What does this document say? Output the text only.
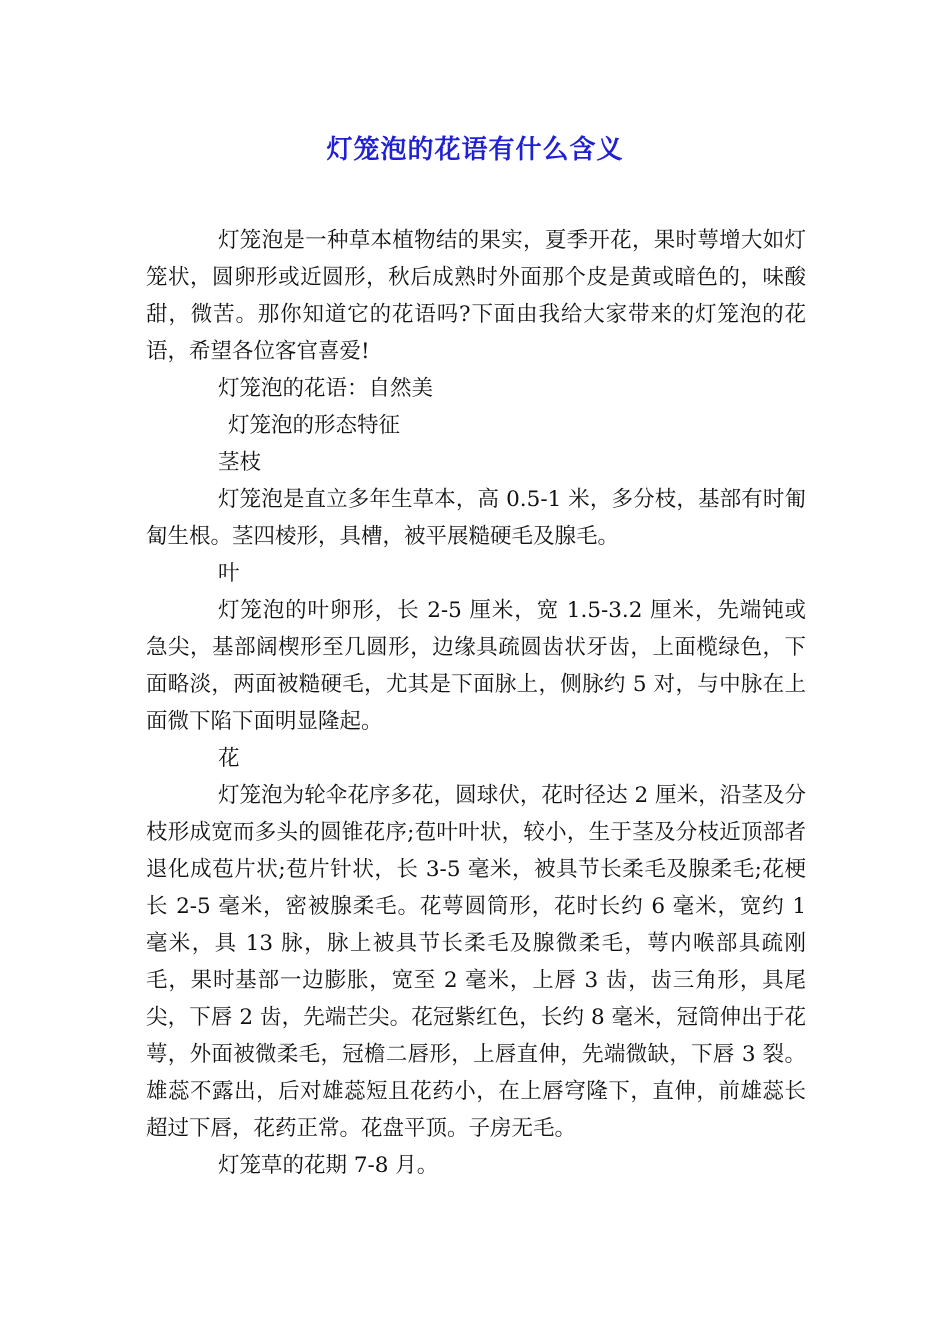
灯笼泡的花语有什么含义

灯笼泡是一种草本植物结的果实，夏季开花，果时萼增大如灯笼状，圆卵形或近圆形，秋后成熟时外面那个皮是黄或暗色的，味酸甜，微苦。那你知道它的花语吗?下面由我给大家带来的灯笼泡的花语，希望各位客官喜爱!

灯笼泡的花语：自然美

灯笼泡的形态特征

茎枝

灯笼泡是直立多年生草本，高 0.5-1 米，多分枝，基部有时匍匐生根。茎四棱形，具槽，被平展糙硬毛及腺毛。

叶

灯笼泡的叶卵形，长 2-5 厘米，宽 1.5-3.2 厘米，先端钝或急尖，基部阔楔形至几圆形，边缘具疏圆齿状牙齿，上面榄绿色，下面略淡，两面被糙硬毛，尤其是下面脉上，侧脉约 5 对，与中脉在上面微下陷下面明显隆起。

花

灯笼泡为轮伞花序多花，圆球伏，花时径达 2 厘米，沿茎及分枝形成宽而多头的圆锥花序;苞叶叶状，较小，生于茎及分枝近顶部者退化成苞片状;苞片针状，长 3-5 毫米，被具节长柔毛及腺柔毛;花梗长 2-5 毫米，密被腺柔毛。花萼圆筒形，花时长约 6 毫米，宽约 1 毫米，具 13 脉，脉上被具节长柔毛及腺微柔毛，萼内喉部具疏刚毛，果时基部一边膨胀，宽至 2 毫米，上唇 3 齿，齿三角形，具尾尖，下唇 2 齿，先端芒尖。花冠紫红色，长约 8 毫米，冠筒伸出于花萼，外面被微柔毛，冠檐二唇形，上唇直伸，先端微缺，下唇 3 裂。雄蕊不露出，后对雄蕊短且花药小，在上唇穹隆下，直伸，前雄蕊长超过下唇，花药正常。花盘平顶。子房无毛。

灯笼草的花期 7-8 月。
